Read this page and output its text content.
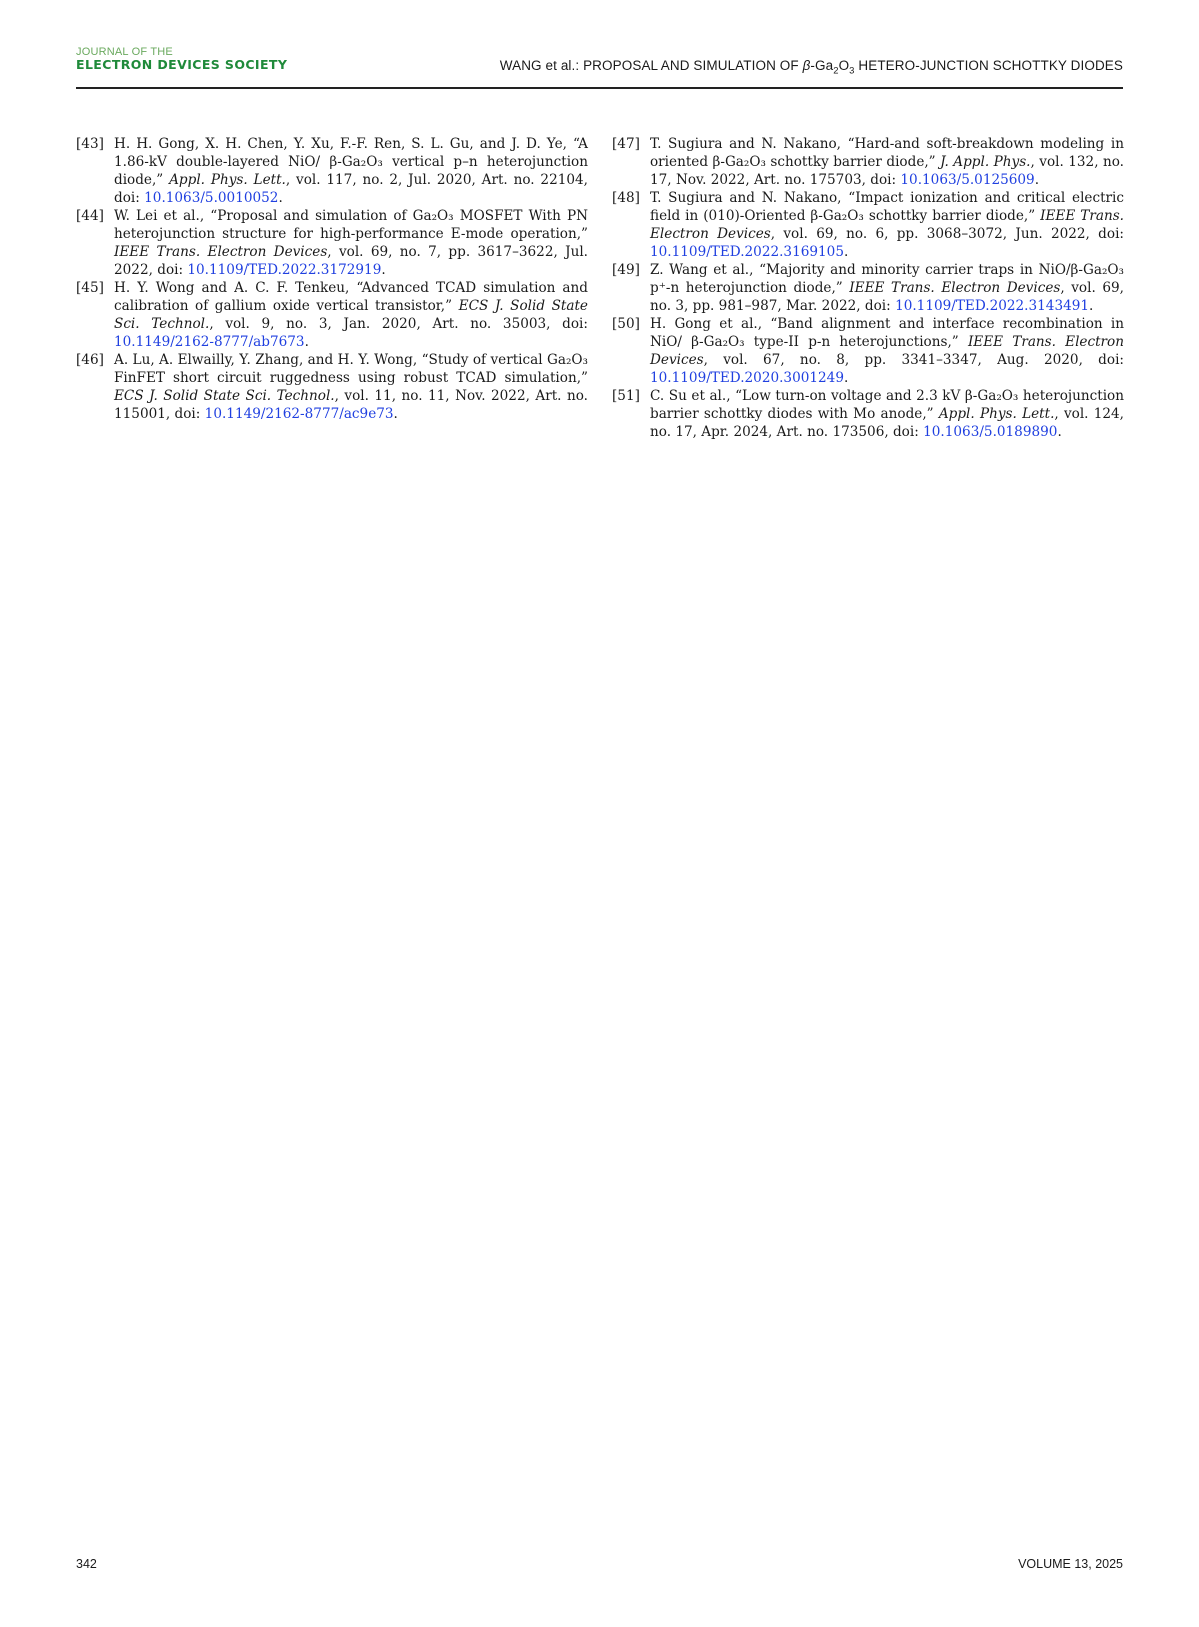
JOURNAL OF THE
ELECTRON DEVICES SOCIETY	WANG et al.: PROPOSAL AND SIMULATION OF $\beta-Ga_2O_3$ HETERO-JUNCTION SCHOTTKY DIODES
[43] H. H. Gong, X. H. Chen, Y. Xu, F.-F. Ren, S. L. Gu, and J. D. Ye, “A 1.86-kV double-layered NiO/ β-Ga₂O₃ vertical p–n heterojunction diode,” Appl. Phys. Lett., vol. 117, no. 2, Jul. 2020, Art. no. 22104, doi: 10.1063/5.0010052.
[44] W. Lei et al., “Proposal and simulation of Ga₂O₃ MOSFET With PN heterojunction structure for high-performance E-mode operation,” IEEE Trans. Electron Devices, vol. 69, no. 7, pp. 3617–3622, Jul. 2022, doi: 10.1109/TED.2022.3172919.
[45] H. Y. Wong and A. C. F. Tenkeu, “Advanced TCAD simulation and calibration of gallium oxide vertical transistor,” ECS J. Solid State Sci. Technol., vol. 9, no. 3, Jan. 2020, Art. no. 35003, doi: 10.1149/2162-8777/ab7673.
[46] A. Lu, A. Elwailly, Y. Zhang, and H. Y. Wong, “Study of vertical Ga₂O₃ FinFET short circuit ruggedness using robust TCAD simulation,” ECS J. Solid State Sci. Technol., vol. 11, no. 11, Nov. 2022, Art. no. 115001, doi: 10.1149/2162-8777/ac9e73.
[47] T. Sugiura and N. Nakano, “Hard-and soft-breakdown modeling in oriented β-Ga₂O₃ schottky barrier diode,” J. Appl. Phys., vol. 132, no. 17, Nov. 2022, Art. no. 175703, doi: 10.1063/5.0125609.
[48] T. Sugiura and N. Nakano, “Impact ionization and critical electric field in (010)-Oriented β-Ga₂O₃ schottky barrier diode,” IEEE Trans. Electron Devices, vol. 69, no. 6, pp. 3068–3072, Jun. 2022, doi: 10.1109/TED.2022.3169105.
[49] Z. Wang et al., “Majority and minority carrier traps in NiO/β-Ga₂O₃ p⁺-n heterojunction diode,” IEEE Trans. Electron Devices, vol. 69, no. 3, pp. 981–987, Mar. 2022, doi: 10.1109/TED.2022.3143491.
[50] H. Gong et al., “Band alignment and interface recombination in NiO/ β-Ga₂O₃ type-II p-n heterojunctions,” IEEE Trans. Electron Devices, vol. 67, no. 8, pp. 3341–3347, Aug. 2020, doi: 10.1109/TED.2020.3001249.
[51] C. Su et al., “Low turn-on voltage and 2.3 kV β-Ga₂O₃ heterojunction barrier schottky diodes with Mo anode,” Appl. Phys. Lett., vol. 124, no. 17, Apr. 2024, Art. no. 173506, doi: 10.1063/5.0189890.
342	VOLUME 13, 2025
